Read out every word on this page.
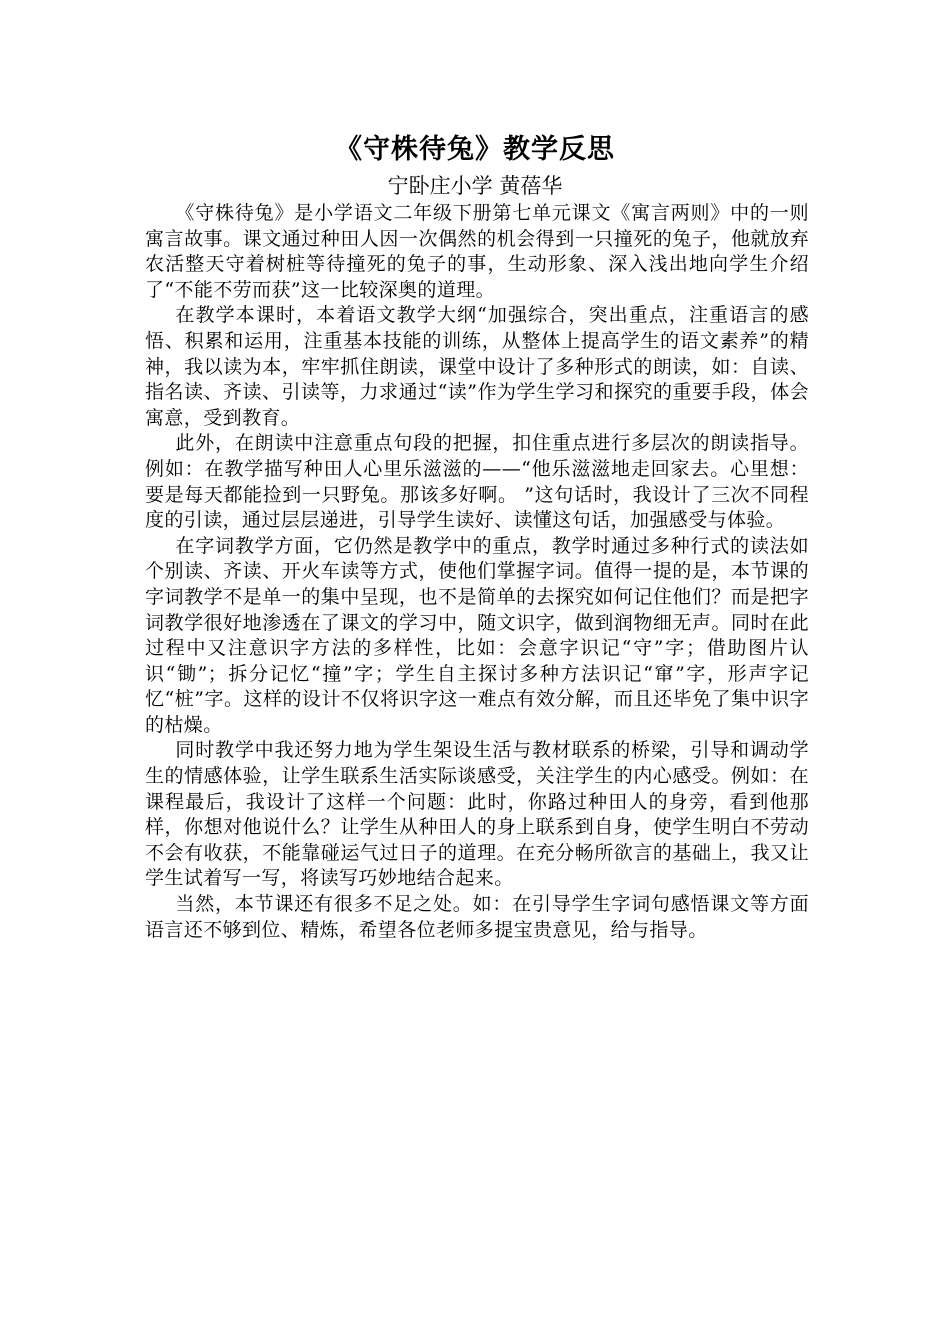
《守株待兔》教学反思

宁卧庄小学 黄蓓华

《守株待兔》是小学语文二年级下册第七单元课文《寓言两则》中的一则寓言故事。课文通过种田人因一次偶然的机会得到一只撞死的兔子，他就放弃农活整天守着树桩等待撞死的兔子的事，生动形象、深入浅出地向学生介绍了“不能不劳而获”这一比较深奥的道理。

在教学本课时，本着语文教学大纲“加强综合，突出重点，注重语言的感悟、积累和运用，注重基本技能的训练，从整体上提高学生的语文素养”的精神，我以读为本，牢牢抓住朗读，课堂中设计了多种形式的朗读，如：自读、指名读、齐读、引读等，力求通过“读”作为学生学习和探究的重要手段，体会寓意，受到教育。

此外，在朗读中注意重点句段的把握，扣住重点进行多层次的朗读指导。例如：在教学描写种田人心里乐滋滋的——“他乐滋滋地走回家去。心里想：要是每天都能捡到一只野兔。那该多好啊。 ”这句话时，我设计了三次不同程度的引读，通过层层递进，引导学生读好、读懂这句话，加强感受与体验。

在字词教学方面，它仍然是教学中的重点，教学时通过多种行式的读法如个别读、齐读、开火车读等方式，使他们掌握字词。值得一提的是，本节课的字词教学不是单一的集中呈现，也不是简单的去探究如何记住他们？而是把字词教学很好地渗透在了课文的学习中，随文识字，做到润物细无声。同时在此过程中又注意识字方法的多样性，比如：会意字识记“守”字；借助图片认识“锄”；拆分记忆“撞”字；学生自主探讨多种方法识记“窜”字，形声字记忆“桩”字。这样的设计不仅将识字这一难点有效分解，而且还毕免了集中识字的枯燥。

同时教学中我还努力地为学生架设生活与教材联系的桥梁，引导和调动学生的情感体验，让学生联系生活实际谈感受，关注学生的内心感受。例如：在课程最后，我设计了这样一个问题：此时，你路过种田人的身旁，看到他那样，你想对他说什么？让学生从种田人的身上联系到自身，使学生明白不劳动不会有收获，不能靠碰运气过日子的道理。在充分畅所欲言的基础上，我又让学生试着写一写，将读写巧妙地结合起来。

当然，本节课还有很多不足之处。如：在引导学生字词句感悟课文等方面语言还不够到位、精炼，希望各位老师多提宝贵意见，给与指导。
